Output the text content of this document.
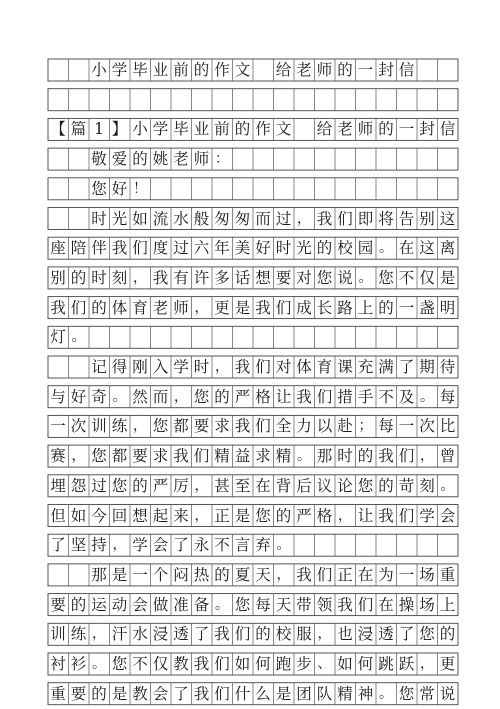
小 学 毕 业 前 的 作 文 给 老 师 的 一 封 信
【 篇 1 】 小 学 毕 业 前 的 作 文 给 老 师 的 一 封 信
敬 爱 的 姚 老 师 ：
您 好 ！
时 光 如 流 水 般 匆 匆 而 过 ， 我 们 即 将 告 别 这
座 陪 伴 我 们 度 过 六 年 美 好 时 光 的 校 园 。 在 这 离
别 的 时 刻 ， 我 有 许 多 话 想 要 对 您 说 。 您 不 仅 是
我 们 的 体 育 老 师 ， 更 是 我 们 成 长 路 上 的 一 盏 明
灯 。
记 得 刚 入 学 时 ， 我 们 对 体 育 课 充 满 了 期 待
与 好 奇 。 然 而 ， 您 的 严 格 让 我 们 措 手 不 及 。 每
一 次 训 练 ， 您 都 要 求 我 们 全 力 以 赴 ； 每 一 次 比
赛 ， 您 都 要 求 我 们 精 益 求 精 。 那 时 的 我 们 ， 曾
埋 怨 过 您 的 严 厉 ， 甚 至 在 背 后 议 论 您 的 苛 刻 。
但 如 今 回 想 起 来 ， 正 是 您 的 严 格 ， 让 我 们 学 会
了 坚 持 ， 学 会 了 永 不 言 弃 。
那 是 一 个 闷 热 的 夏 天 ， 我 们 正 在 为 一 场 重
要 的 运 动 会 做 准 备 。 您 每 天 带 领 我 们 在 操 场 上
训 练 ， 汗 水 浸 透 了 我 们 的 校 服 ， 也 浸 透 了 您 的
衬 衫 。 您 不 仅 教 我 们 如 何 跑 步 、 如 何 跳 跃 ， 更
重 要 的 是 教 会 了 我 们 什 么 是 团 队 精 神 。 您 常 说
